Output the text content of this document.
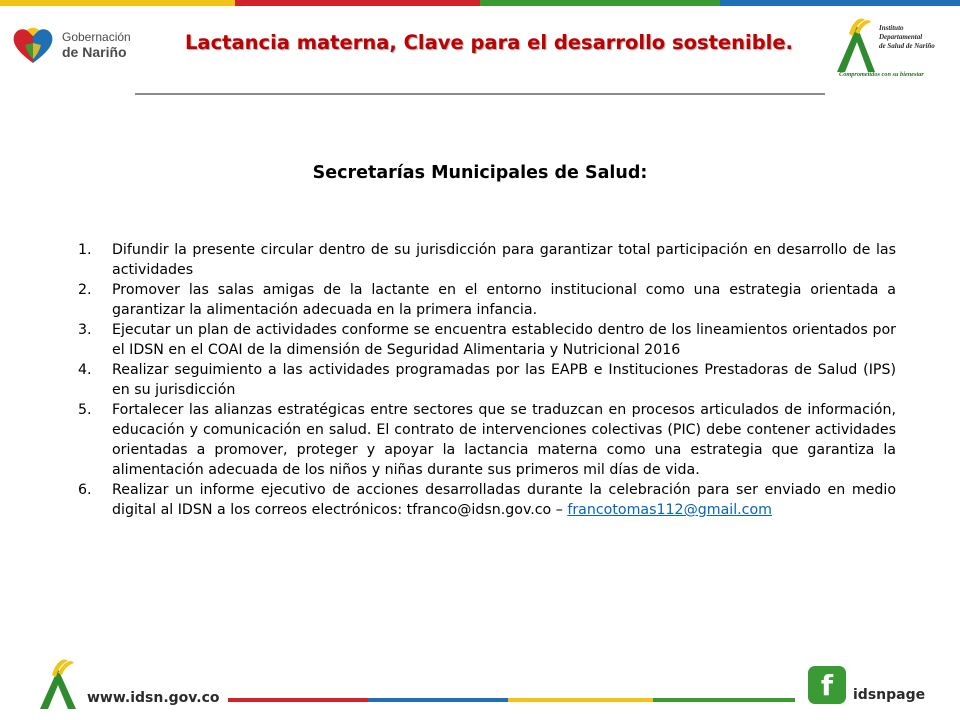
Gobernación
de Nariño	Lactancia materna, Clave para el desarrollo sostenible.
Instituto
Departamental
de Salud de Nariño
Comprometidos con su bienestar
Secretarías Municipales de Salud:
1. Difundir la presente circular dentro de su jurisdicción para garantizar total participación en desarrollo de las actividades
2. Promover las salas amigas de la lactante en el entorno institucional como una estrategia orientada a garantizar la alimentación adecuada en la primera infancia.
3. Ejecutar un plan de actividades conforme se encuentra establecido dentro de los lineamientos orientados por el IDSN en el COAI de la dimensión de Seguridad Alimentaria y Nutricional 2016
4. Realizar seguimiento a las actividades programadas por las EAPB e Instituciones Prestadoras de Salud (IPS) en su jurisdicción
5. Fortalecer las alianzas estratégicas entre sectores que se traduzcan en procesos articulados de información, educación y comunicación en salud. El contrato de intervenciones colectivas (PIC) debe contener actividades orientadas a promover, proteger y apoyar la lactancia materna como una estrategia que garantiza la alimentación adecuada de los niños y niñas durante sus primeros mil días de vida.
6. Realizar un informe ejecutivo de acciones desarrolladas durante la celebración para ser enviado en medio digital al IDSN a los correos electrónicos: tfranco@idsn.gov.co – francotomas112@gmail.com
www.idsn.gov.co	f	idsnpage
